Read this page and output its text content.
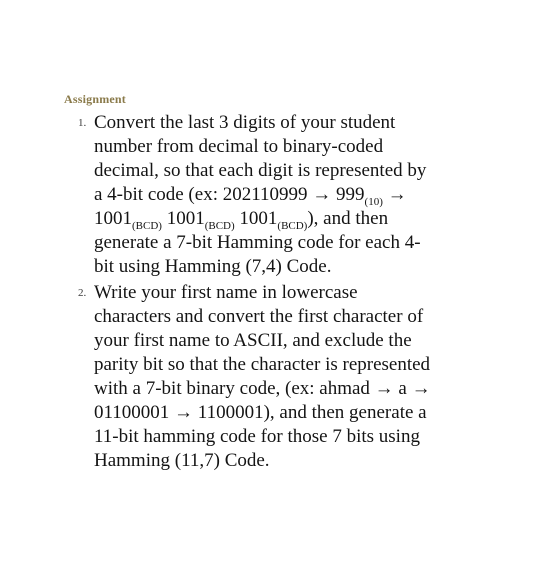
Assignment
1. Convert the last 3 digits of your student
number from decimal to binary-coded
decimal, so that each digit is represented by
a 4-bit code (ex: $202110999 \to 999_{(10)}$ →
$1001_{(BCD)}$ $1001_{(BCD)}$ $1001_{(BCD)}$), and then
generate a 7-bit Hamming code for each 4-
bit using Hamming (7,4) Code.
2. Write your first name in lowercase
characters and convert the first character of
your first name to ASCII, and exclude the
parity bit so that the character is represented
with a 7-bit binary code, (ex: ahmad → a →
01100001 → 1100001), and then generate a
11-bit hamming code for those 7 bits using
Hamming (11,7) Code.
